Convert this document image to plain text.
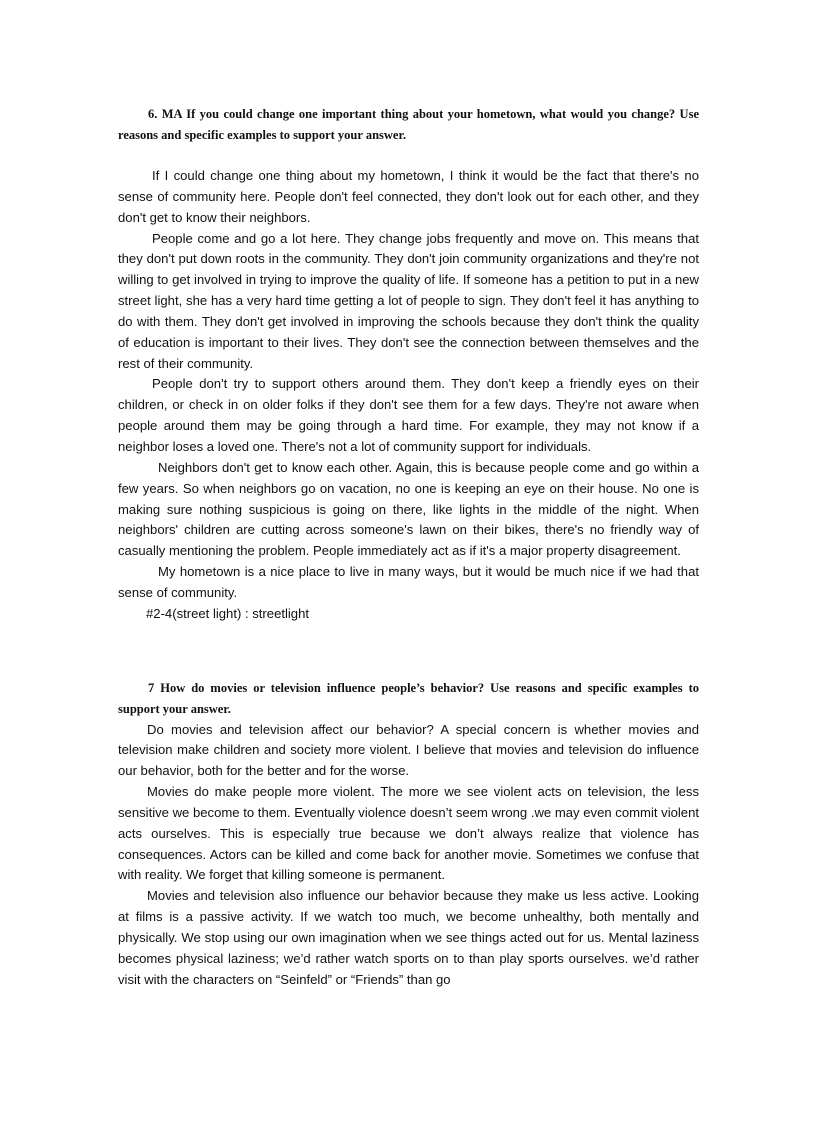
6. MA If you could change one important thing about your hometown, what would you change? Use reasons and specific examples to support your answer.

If I could change one thing about my hometown, I think it would be the fact that there's no sense of community here. People don't feel connected, they don't look out for each other, and they don't get to know their neighbors.

People come and go a lot here. They change jobs frequently and move on. This means that they don't put down roots in the community. They don't join community organizations and they're not willing to get involved in trying to improve the quality of life. If someone has a petition to put in a new street light, she has a very hard time getting a lot of people to sign. They don't feel it has anything to do with them. They don't get involved in improving the schools because they don't think the quality of education is important to their lives. They don't see the connection between themselves and the rest of their community.

People don't try to support others around them. They don't keep a friendly eyes on their children, or check in on older folks if they don't see them for a few days. They're not aware when people around them may be going through a hard time. For example, they may not know if a neighbor loses a loved one. There's not a lot of community support for individuals.

Neighbors don't get to know each other. Again, this is because people come and go within a few years. So when neighbors go on vacation, no one is keeping an eye on their house. No one is making sure nothing suspicious is going on there, like lights in the middle of the night. When neighbors' children are cutting across someone's lawn on their bikes, there's no friendly way of casually mentioning the problem. People immediately act as if it's a major property disagreement.

My hometown is a nice place to live in many ways, but it would be much nice if we had that sense of community.

#2-4(street light) : streetlight

7 How do movies or television influence people’s behavior? Use reasons and specific examples to support your answer.

Do movies and television affect our behavior? A special concern is whether movies and television make children and society more violent. I believe that movies and television do influence our behavior, both for the better and for the worse.

Movies do make people more violent. The more we see violent acts on television, the less sensitive we become to them. Eventually violence doesn’t seem wrong .we may even commit violent acts ourselves. This is especially true because we don’t always realize that violence has consequences. Actors can be killed and come back for another movie. Sometimes we confuse that with reality. We forget that killing someone is permanent.

Movies and television also influence our behavior because they make us less active. Looking at films is a passive activity. If we watch too much, we become unhealthy, both mentally and physically. We stop using our own imagination when we see things acted out for us. Mental laziness becomes physical laziness; we’d rather watch sports on to than play sports ourselves. we’d rather visit with the characters on “Seinfeld” or “Friends” than go
